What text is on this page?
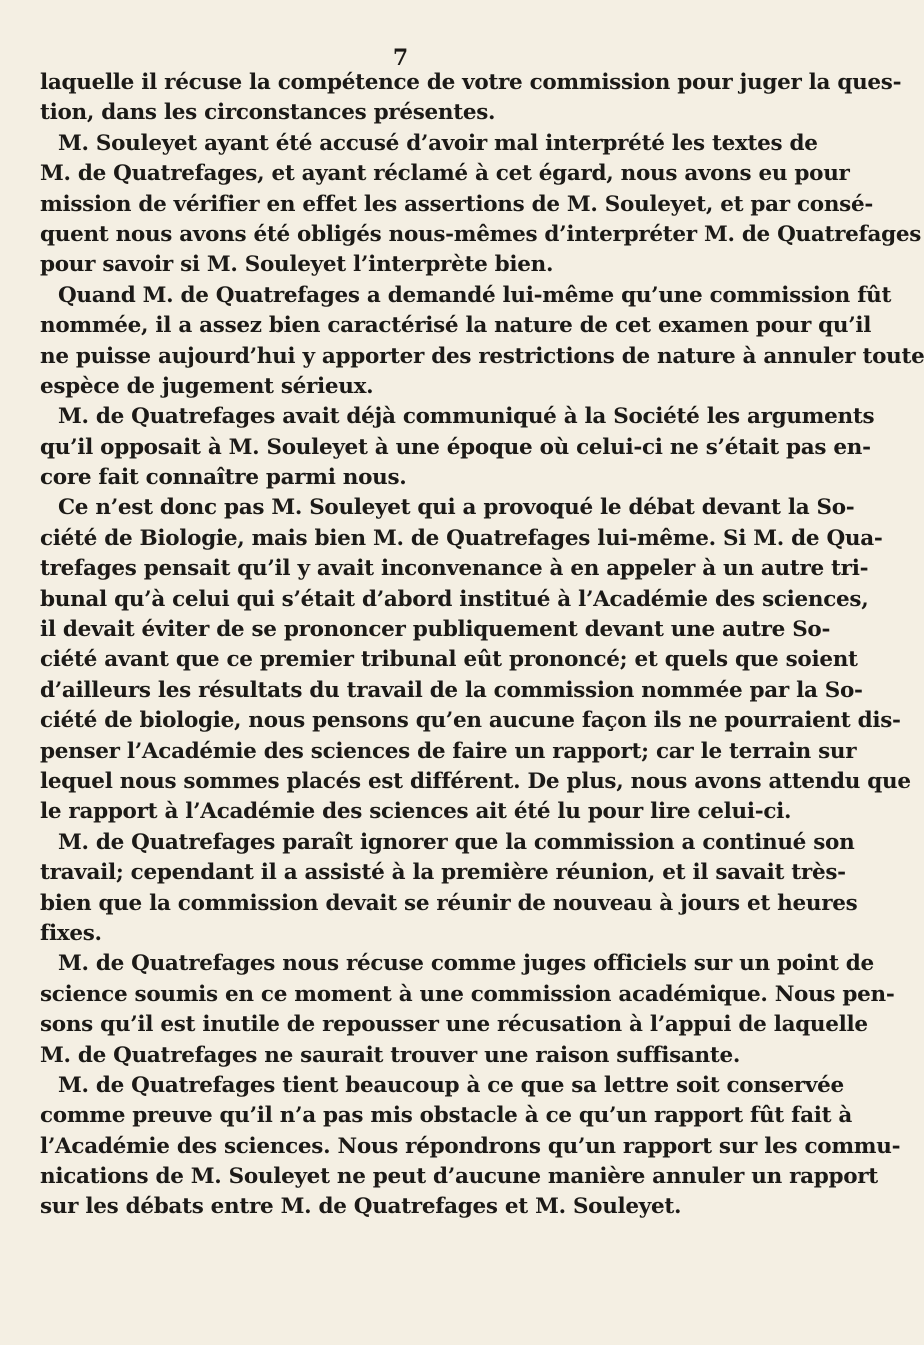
7
laquelle il récuse la compétence de votre commission pour juger la ques-
tion, dans les circonstances présentes.
M. Souleyet ayant été accusé d’avoir mal interprété les textes de
M. de Quatrefages, et ayant réclamé à cet égard, nous avons eu pour
mission de vérifier en effet les assertions de M. Souleyet, et par consé-
quent nous avons été obligés nous-mêmes d’interpréter M. de Quatrefages
pour savoir si M. Souleyet l’interprète bien.
Quand M. de Quatrefages a demandé lui-même qu’une commission fût
nommée, il a assez bien caractérisé la nature de cet examen pour qu’il
ne puisse aujourd’hui y apporter des restrictions de nature à annuler toute
espèce de jugement sérieux.
M. de Quatrefages avait déjà communiqué à la Société les arguments
qu’il opposait à M. Souleyet à une époque où celui-ci ne s’était pas en-
core fait connaître parmi nous.
Ce n’est donc pas M. Souleyet qui a provoqué le débat devant la So-
ciété de Biologie, mais bien M. de Quatrefages lui-même. Si M. de Qua-
trefages pensait qu’il y avait inconvenance à en appeler à un autre tri-
bunal qu’à celui qui s’était d’abord institué à l’Académie des sciences,
il devait éviter de se prononcer publiquement devant une autre So-
ciété avant que ce premier tribunal eût prononcé; et quels que soient
d’ailleurs les résultats du travail de la commission nommée par la So-
ciété de biologie, nous pensons qu’en aucune façon ils ne pourraient dis-
penser l’Académie des sciences de faire un rapport; car le terrain sur
lequel nous sommes placés est différent. De plus, nous avons attendu que
le rapport à l’Académie des sciences ait été lu pour lire celui-ci.
M. de Quatrefages paraît ignorer que la commission a continué son
travail; cependant il a assisté à la première réunion, et il savait très-
bien que la commission devait se réunir de nouveau à jours et heures
fixes.
M. de Quatrefages nous récuse comme juges officiels sur un point de
science soumis en ce moment à une commission académique. Nous pen-
sons qu’il est inutile de repousser une récusation à l’appui de laquelle
M. de Quatrefages ne saurait trouver une raison suffisante.
M. de Quatrefages tient beaucoup à ce que sa lettre soit conservée
comme preuve qu’il n’a pas mis obstacle à ce qu’un rapport fût fait à
l’Académie des sciences. Nous répondrons qu’un rapport sur les commu-
nications de M. Souleyet ne peut d’aucune manière annuler un rapport
sur les débats entre M. de Quatrefages et M. Souleyet.
